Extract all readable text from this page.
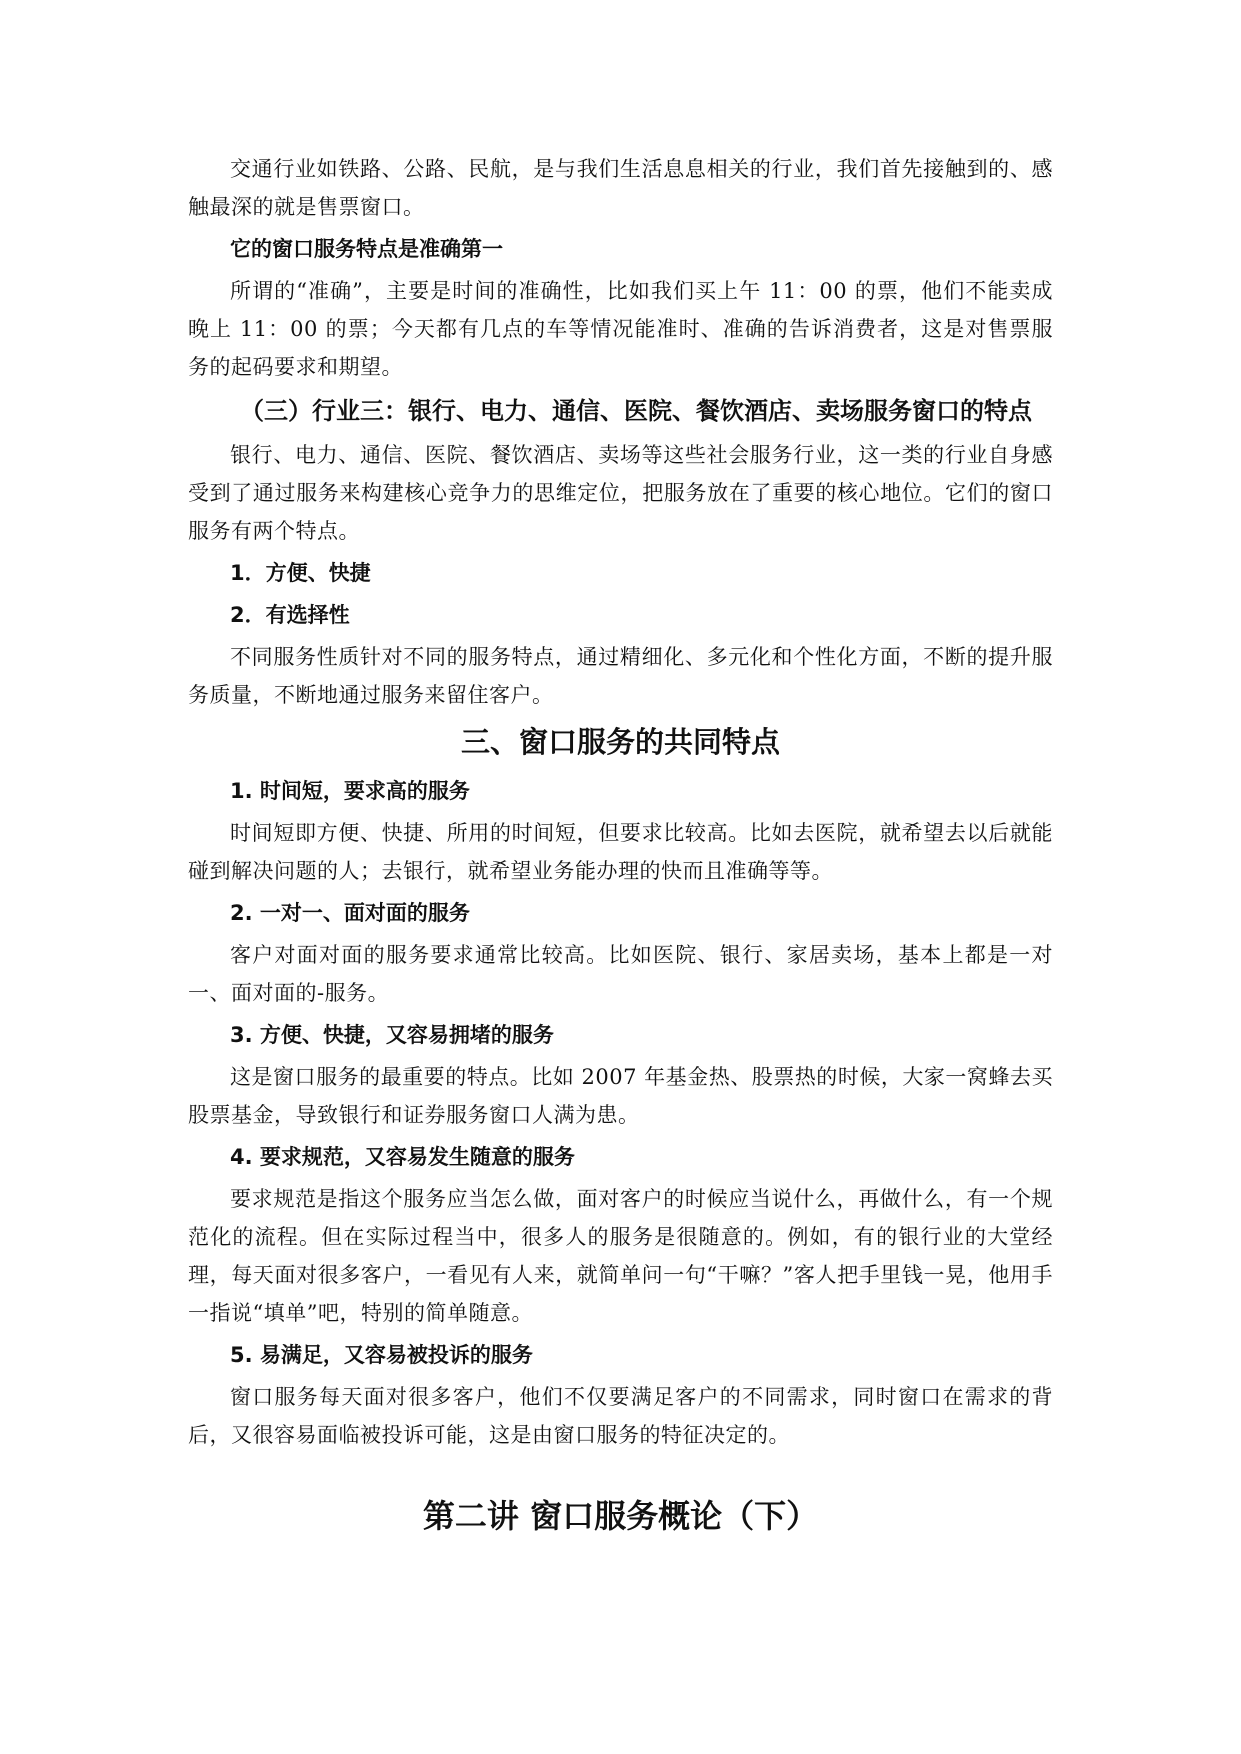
交通行业如铁路、公路、民航，是与我们生活息息相关的行业，我们首先接触到的、感触最深的就是售票窗口。

它的窗口服务特点是准确第一

所谓的“准确”，主要是时间的准确性，比如我们买上午 11：00 的票，他们不能卖成晚上 11：00 的票；今天都有几点的车等情况能准时、准确的告诉消费者，这是对售票服务的起码要求和期望。

（三）行业三：银行、电力、通信、医院、餐饮酒店、卖场服务窗口的特点

银行、电力、通信、医院、餐饮酒店、卖场等这些社会服务行业，这一类的行业自身感受到了通过服务来构建核心竞争力的思维定位，把服务放在了重要的核心地位。它们的窗口服务有两个特点。

1．方便、快捷
2．有选择性

不同服务性质针对不同的服务特点，通过精细化、多元化和个性化方面，不断的提升服务质量，不断地通过服务来留住客户。

三、窗口服务的共同特点
1. 时间短，要求高的服务

时间短即方便、快捷、所用的时间短，但要求比较高。比如去医院，就希望去以后就能碰到解决问题的人；去银行，就希望业务能办理的快而且准确等等。

2. 一对一、面对面的服务

客户对面对面的服务要求通常比较高。比如医院、银行、家居卖场，基本上都是一对一、面对面的-服务。

3. 方便、快捷，又容易拥堵的服务

这是窗口服务的最重要的特点。比如 2007 年基金热、股票热的时候，大家一窝蜂去买股票基金，导致银行和证券服务窗口人满为患。

4. 要求规范，又容易发生随意的服务

要求规范是指这个服务应当怎么做，面对客户的时候应当说什么，再做什么，有一个规范化的流程。但在实际过程当中，很多人的服务是很随意的。例如，有的银行业的大堂经理，每天面对很多客户，一看见有人来，就简单问一句“干嘛？”客人把手里钱一晃，他用手一指说“填单”吧，特别的简单随意。

5. 易满足，又容易被投诉的服务

窗口服务每天面对很多客户，他们不仅要满足客户的不同需求，同时窗口在需求的背后，又很容易面临被投诉可能，这是由窗口服务的特征决定的。

第二讲 窗口服务概论（下）
